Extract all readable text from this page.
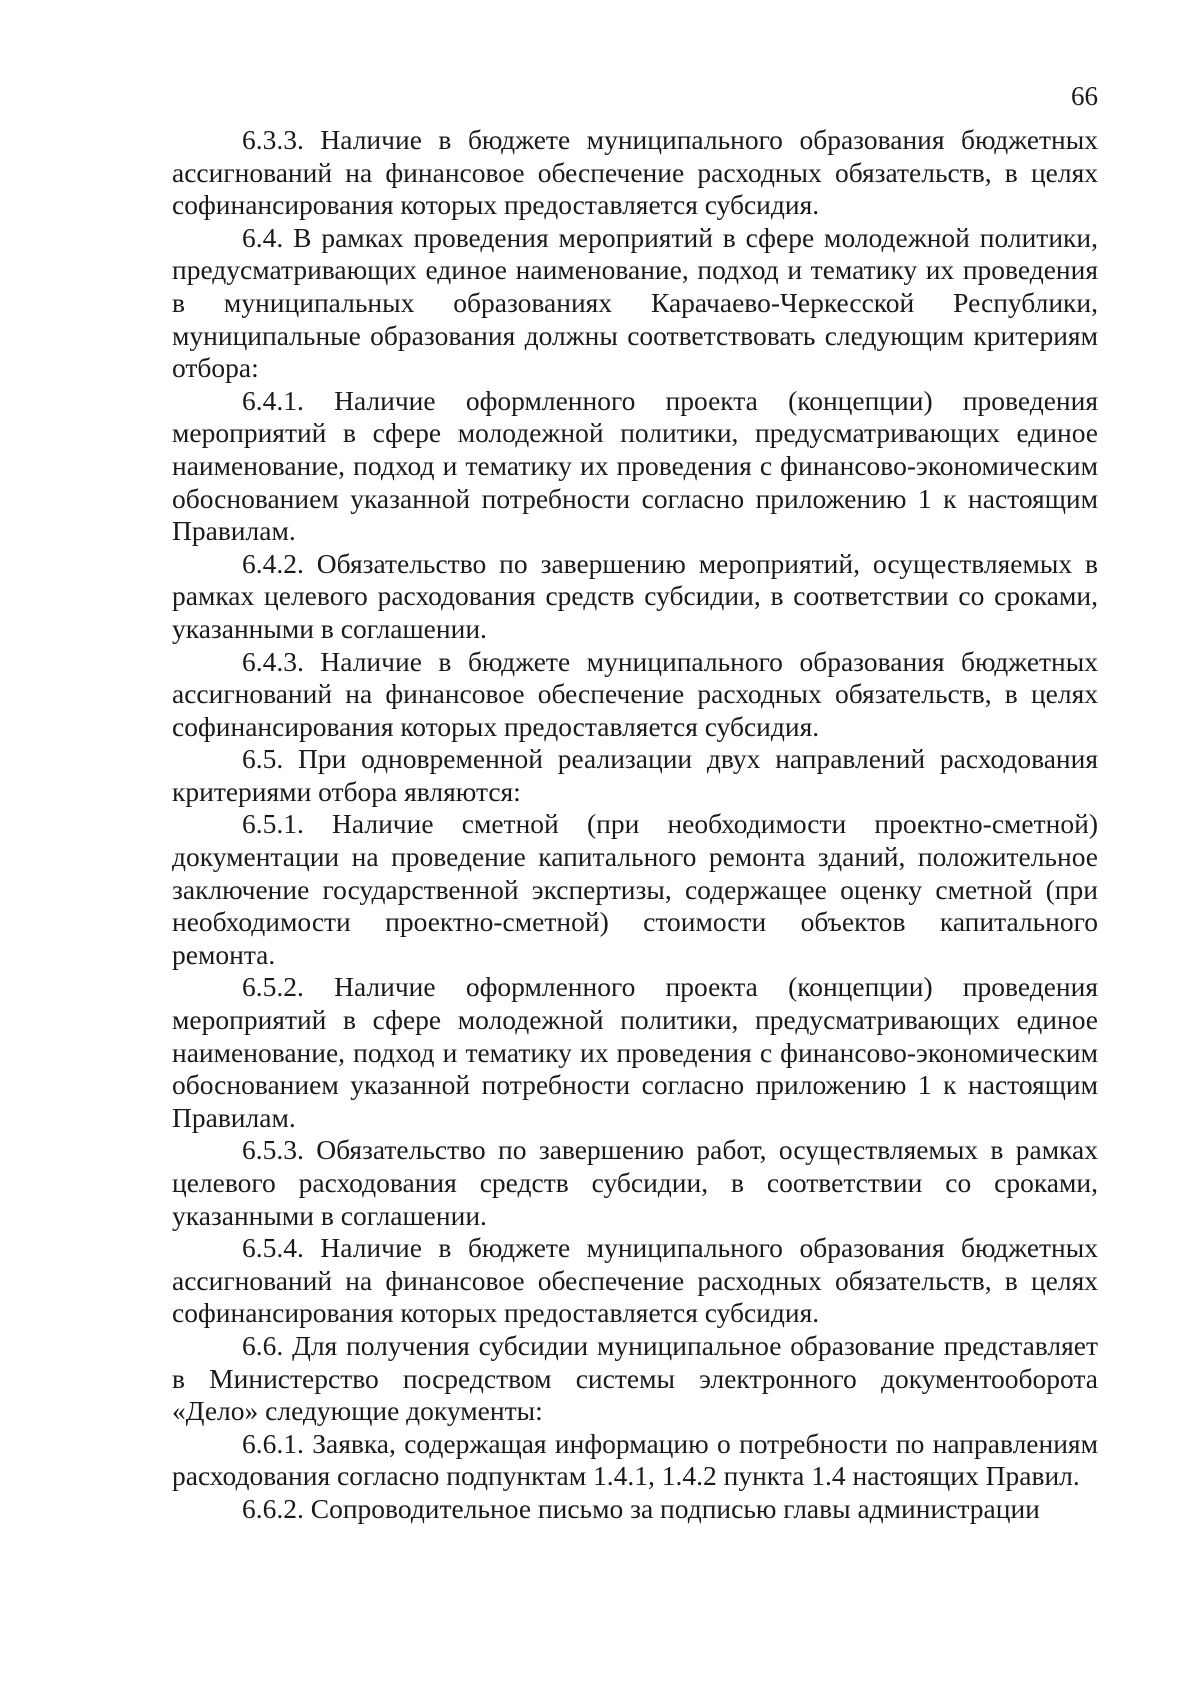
66

6.3.3. Наличие в бюджете муниципального образования бюджетных ассигнований на финансовое обеспечение расходных обязательств, в целях софинансирования которых предоставляется субсидия.

6.4. В рамках проведения мероприятий в сфере молодежной политики, предусматривающих единое наименование, подход и тематику их проведения в муниципальных образованиях Карачаево-Черкесской Республики, муниципальные образования должны соответствовать следующим критериям отбора:

6.4.1. Наличие оформленного проекта (концепции) проведения мероприятий в сфере молодежной политики, предусматривающих единое наименование, подход и тематику их проведения с финансово-экономическим обоснованием указанной потребности согласно приложению 1 к настоящим Правилам.

6.4.2. Обязательство по завершению мероприятий, осуществляемых в рамках целевого расходования средств субсидии, в соответствии со сроками, указанными в соглашении.

6.4.3. Наличие в бюджете муниципального образования бюджетных ассигнований на финансовое обеспечение расходных обязательств, в целях софинансирования которых предоставляется субсидия.

6.5. При одновременной реализации двух направлений расходования критериями отбора являются:

6.5.1. Наличие сметной (при необходимости проектно-сметной) документации на проведение капитального ремонта зданий, положительное заключение государственной экспертизы, содержащее оценку сметной (при необходимости проектно-сметной) стоимости объектов капитального ремонта.

6.5.2. Наличие оформленного проекта (концепции) проведения мероприятий в сфере молодежной политики, предусматривающих единое наименование, подход и тематику их проведения с финансово-экономическим обоснованием указанной потребности согласно приложению 1 к настоящим Правилам.

6.5.3. Обязательство по завершению работ, осуществляемых в рамках целевого расходования средств субсидии, в соответствии со сроками, указанными в соглашении.

6.5.4. Наличие в бюджете муниципального образования бюджетных ассигнований на финансовое обеспечение расходных обязательств, в целях софинансирования которых предоставляется субсидия.

6.6. Для получения субсидии муниципальное образование представляет в Министерство посредством системы электронного документооборота «Дело» следующие документы:

6.6.1. Заявка, содержащая информацию о потребности по направлениям расходования согласно подпунктам 1.4.1, 1.4.2 пункта 1.4 настоящих Правил.

6.6.2. Сопроводительное письмо за подписью главы администрации
